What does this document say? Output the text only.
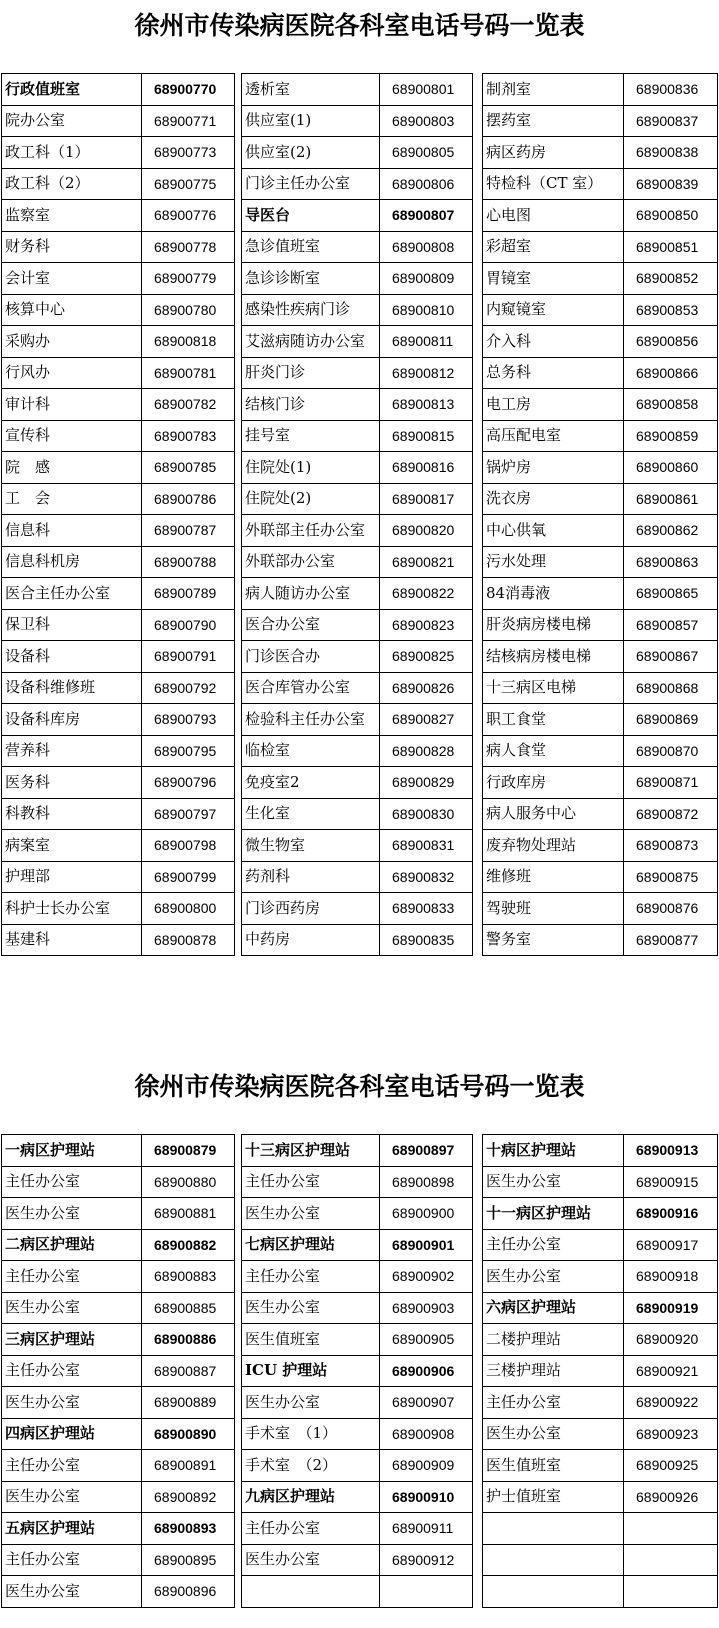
徐州市传染病医院各科室电话号码一览表
行政值班室	68900770
院办公室	68900771
政工科（1）	68900773
政工科（2）	68900775
监察室	68900776
财务科	68900778
会计室	68900779
核算中心	68900780
采购办	68900818
行风办	68900781
审计科	68900782
宣传科	68900783
院　感	68900785
工　会	68900786
信息科	68900787
信息科机房	68900788
医合主任办公室	68900789
保卫科	68900790
设备科	68900791
设备科维修班	68900792
设备科库房	68900793
营养科	68900795
医务科	68900796
科教科	68900797
病案室	68900798
护理部	68900799
科护士长办公室	68900800
基建科	68900878
透析室	68900801
供应室(1)	68900803
供应室(2)	68900805
门诊主任办公室	68900806
导医台	68900807
急诊值班室	68900808
急诊诊断室	68900809
感染性疾病门诊	68900810
艾滋病随访办公室	68900811
肝炎门诊	68900812
结核门诊	68900813
挂号室	68900815
住院处(1)	68900816
住院处(2)	68900817
外联部主任办公室	68900820
外联部办公室	68900821
病人随访办公室	68900822
医合办公室	68900823
门诊医合办	68900825
医合库管办公室	68900826
检验科主任办公室	68900827
临检室	68900828
免疫室2	68900829
生化室	68900830
微生物室	68900831
药剂科	68900832
门诊西药房	68900833
中药房	68900835
制剂室	68900836
摆药室	68900837
病区药房	68900838
特检科（CT 室）	68900839
心电图	68900850
彩超室	68900851
胃镜室	68900852
内窥镜室	68900853
介入科	68900856
总务科	68900866
电工房	68900858
高压配电室	68900859
锅炉房	68900860
洗衣房	68900861
中心供氧	68900862
污水处理	68900863
84消毒液	68900865
肝炎病房楼电梯	68900857
结核病房楼电梯	68900867
十三病区电梯	68900868
职工食堂	68900869
病人食堂	68900870
行政库房	68900871
病人服务中心	68900872
废弃物处理站	68900873
维修班	68900875
驾驶班	68900876
警务室	68900877
徐州市传染病医院各科室电话号码一览表
一病区护理站	68900879
主任办公室	68900880
医生办公室	68900881
二病区护理站	68900882
主任办公室	68900883
医生办公室	68900885
三病区护理站	68900886
主任办公室	68900887
医生办公室	68900889
四病区护理站	68900890
主任办公室	68900891
医生办公室	68900892
五病区护理站	68900893
主任办公室	68900895
医生办公室	68900896
十三病区护理站	68900897
主任办公室	68900898
医生办公室	68900900
七病区护理站	68900901
主任办公室	68900902
医生办公室	68900903
医生值班室	68900905
ICU 护理站	68900906
医生办公室	68900907
手术室　（1）	68900908
手术室　（2）	68900909
九病区护理站	68900910
主任办公室	68900911
医生办公室	68900912

十病区护理站	68900913
医生办公室	68900915
十一病区护理站	68900916
主任办公室	68900917
医生办公室	68900918
六病区护理站	68900919
二楼护理站	68900920
三楼护理站	68900921
主任办公室	68900922
医生办公室	68900923
医生值班室	68900925
护士值班室	68900926
